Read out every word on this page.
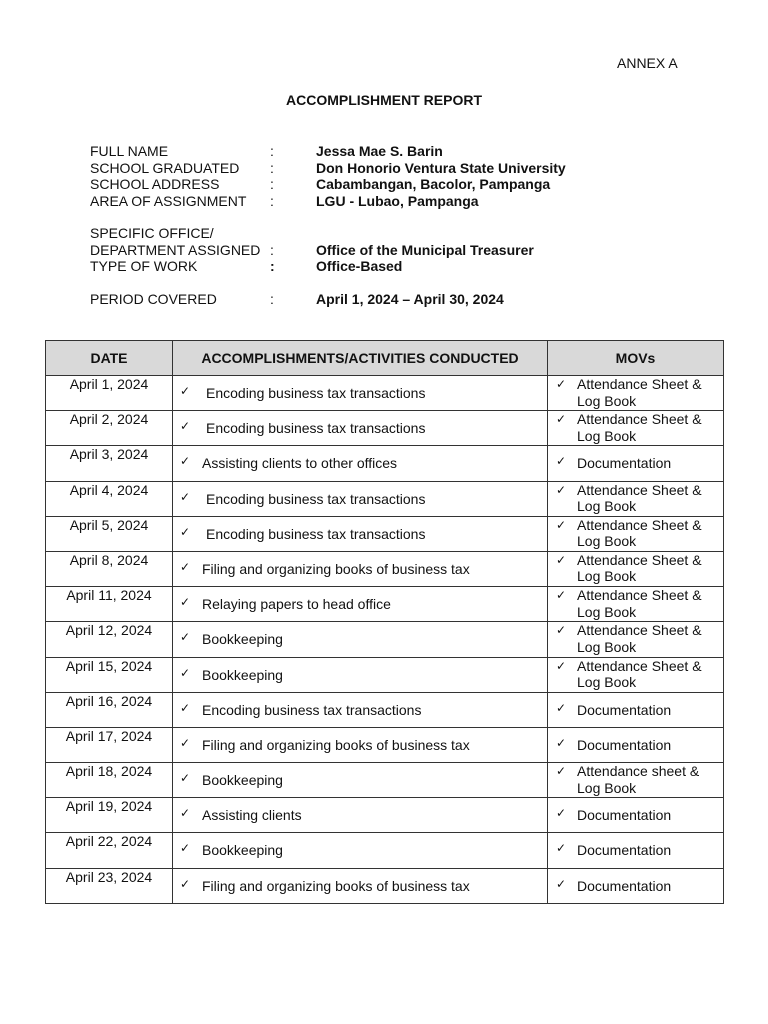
ANNEX A
ACCOMPLISHMENT REPORT
FULL NAME	:	Jessa Mae S. Barin
SCHOOL GRADUATED :	Don Honorio Ventura State University
SCHOOL ADDRESS	:	Cabambangan, Bacolor, Pampanga
AREA OF ASSIGNMENT :	LGU - Lubao, Pampanga
SPECIFIC OFFICE/
DEPARTMENT ASSIGNED :	Office of the Municipal Treasurer
TYPE OF WORK	:	Office-Based
PERIOD COVERED	:	April 1, 2024 – April 30, 2024
DATE	ACCOMPLISHMENTS/ACTIVITIES CONDUCTED	MOVs
April 1, 2024	✓ Encoding business tax transactions	✓ Attendance Sheet &
Log Book

April 2, 2024	✓ Encoding business tax transactions	✓ Attendance Sheet &
Log Book

April 3, 2024	✓ Assisting clients to other offices	✓ Documentation

April 4, 2024	✓ Encoding business tax transactions	✓ Attendance Sheet &
Log Book

April 5, 2024	✓ Encoding business tax transactions	✓ Attendance Sheet &
Log Book

April 8, 2024	✓ Filing and organizing books of business tax	✓ Attendance Sheet &
Log Book

April 11, 2024	✓ Relaying papers to head office	✓ Attendance Sheet &
Log Book

April 12, 2024	✓ Bookkeeping	✓ Attendance Sheet &
Log Book

April 15, 2024	✓ Bookkeeping	✓ Attendance Sheet &
Log Book

April 16, 2024	✓ Encoding business tax transactions	✓ Documentation

April 17, 2024	✓ Filing and organizing books of business tax	✓ Documentation

April 18, 2024	✓ Bookkeeping	✓ Attendance sheet &
Log Book

April 19, 2024	✓ Assisting clients	✓ Documentation

April 22, 2024	✓ Bookkeeping	✓ Documentation

April 23, 2024	✓ Filing and organizing books of business tax	✓ Documentation
